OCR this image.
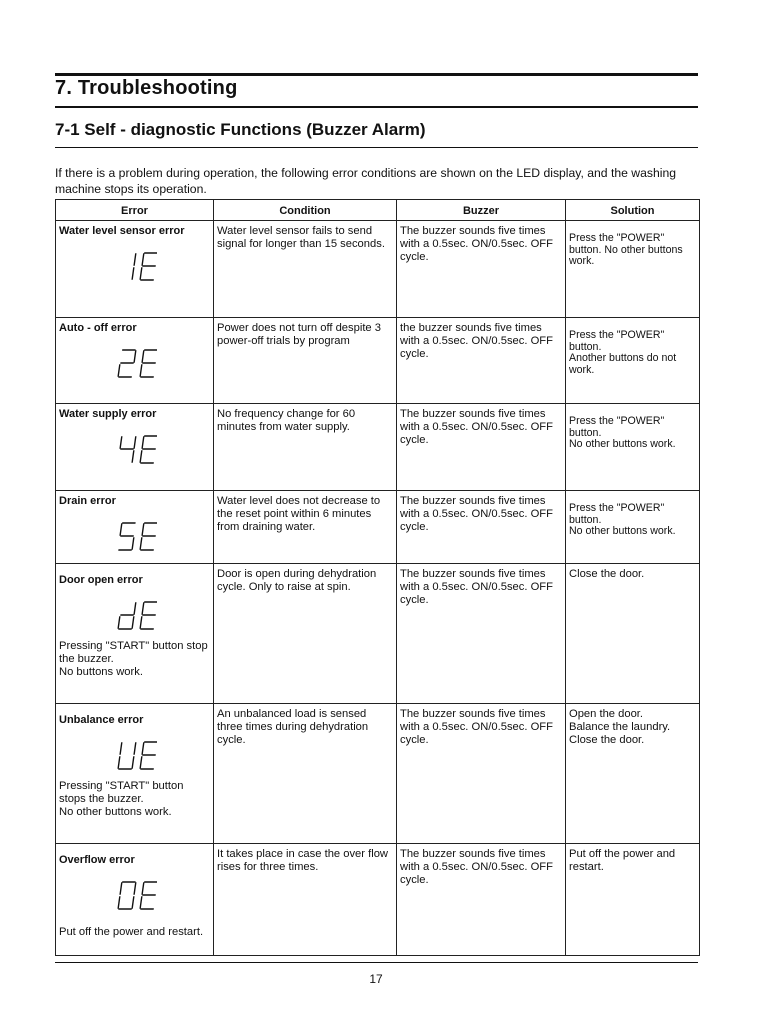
7. Troubleshooting
7-1 Self - diagnostic Functions (Buzzer Alarm)

If there is a problem during operation, the following error conditions are shown on the LED display, and the washing machine stops its operation.

Error	Condition	Buzzer	Solution

Water level sensor error	Water level sensor fails to send signal for longer than 15 seconds.	The buzzer sounds five times with a 0.5sec. ON/0.5sec. OFF cycle.	Press the "POWER" button. No other buttons work.

Auto - off error	Power does not turn off despite 3 power-off trials by program	the buzzer sounds five times with a 0.5sec. ON/0.5sec. OFF cycle.	Press the "POWER" button.
Another buttons do not work.

Water supply error	No frequency change for 60 minutes from water supply.	The buzzer sounds five times with a 0.5sec. ON/0.5sec. OFF cycle.	Press the "POWER" button.
No other buttons work.

Drain error	Water level does not decrease to the reset point within 6 minutes from draining water.	The buzzer sounds five times with a 0.5sec. ON/0.5sec. OFF cycle.	Press the "POWER" button.
No other buttons work.

Door open error
Pressing "START" button stop the buzzer.
No buttons work.	Door is open during dehydration cycle. Only to raise at spin.	The buzzer sounds five times with a 0.5sec. ON/0.5sec. OFF
cycle.	Close the door.

Unbalance error
Pressing "START" button stops the buzzer.
No other buttons work.	An unbalanced load is sensed three times during dehydration cycle.	The buzzer sounds five times with a 0.5sec. ON/0.5sec. OFF cycle.	Open the door.
Balance the laundry.
Close the door.

Overflow error
Put off the power and restart.	It takes place in case the over flow rises for three times.	The buzzer sounds five times with a 0.5sec. ON/0.5sec. OFF cycle.	Put off the power and restart.
17
